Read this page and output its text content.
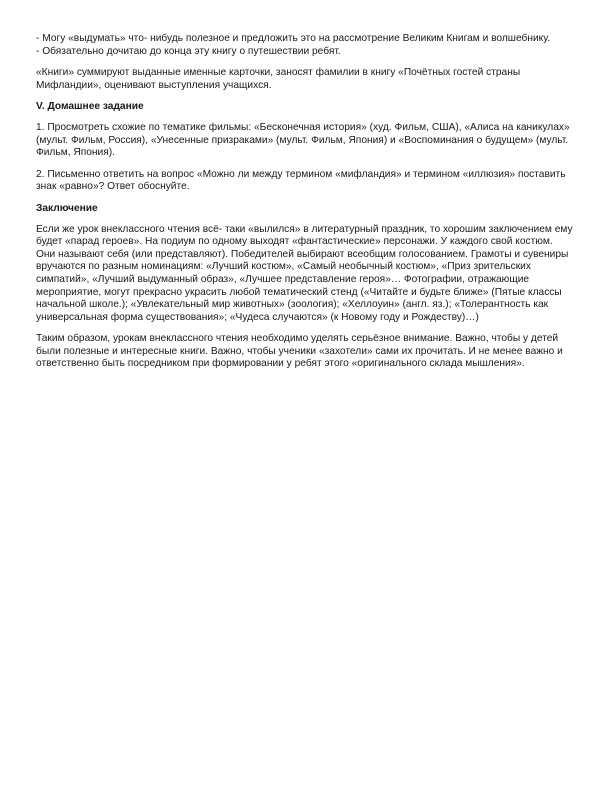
- Могу «выдумать» что- нибудь полезное и предложить это на рассмотрение Великим Книгам и волшебнику.
- Обязательно дочитаю до конца эту книгу о путешествии ребят.
«Книги» суммируют выданные именные карточки, заносят фамилии в книгу «Почётных гостей страны
Мифландии», оценивают выступления учащихся.
V. Домашнее задание
1. Просмотреть схожие по тематике фильмы: «Бесконечная история» (худ. Фильм, США), «Алиса на каникулах»
(мульт. Фильм, Россия), «Унесенные призраками» (мульт. Фильм, Япония) и «Воспоминания о будущем» (мульт.
Фильм, Япония).
2. Письменно ответить на вопрос «Можно ли между термином «мифландия» и термином «иллюзия» поставить
знак «равно»? Ответ обоснуйте.
Заключение
Если же урок внеклассного чтения всё- таки «вылился» в литературный праздник, то хорошим заключением ему
будет «парад героев». На подиум по одному выходят «фантастические» персонажи. У каждого свой костюм.
Они называют себя (или представляют). Победителей выбирают всеобщим голосованием. Грамоты и сувениры
вручаются по разным номинациям: «Лучший костюм», «Самый необычный костюм», «Приз зрительских
симпатий», «Лучший выдуманный образ», «Лучшее представление героя»… Фотографии, отражающие
мероприятие, могут прекрасно украсить любой тематический стенд («Читайте и будьте ближе» (Пятые классы
начальной школе.); «Увлекательный мир животных» (зоология); «Хеллоуин» (англ. яз.); «Толерантность как
универсальная форма существования»; «Чудеса случаются» (к Новому году и Рождеству)…)
Таким образом, урокам внеклассного чтения необходимо уделять серьёзное внимание. Важно, чтобы у детей
были полезные и интересные книги. Важно, чтобы ученики «захотели» сами их прочитать. И не менее важно и
ответственно быть посредником при формировании у ребят этого «оригинального склада мышления».
